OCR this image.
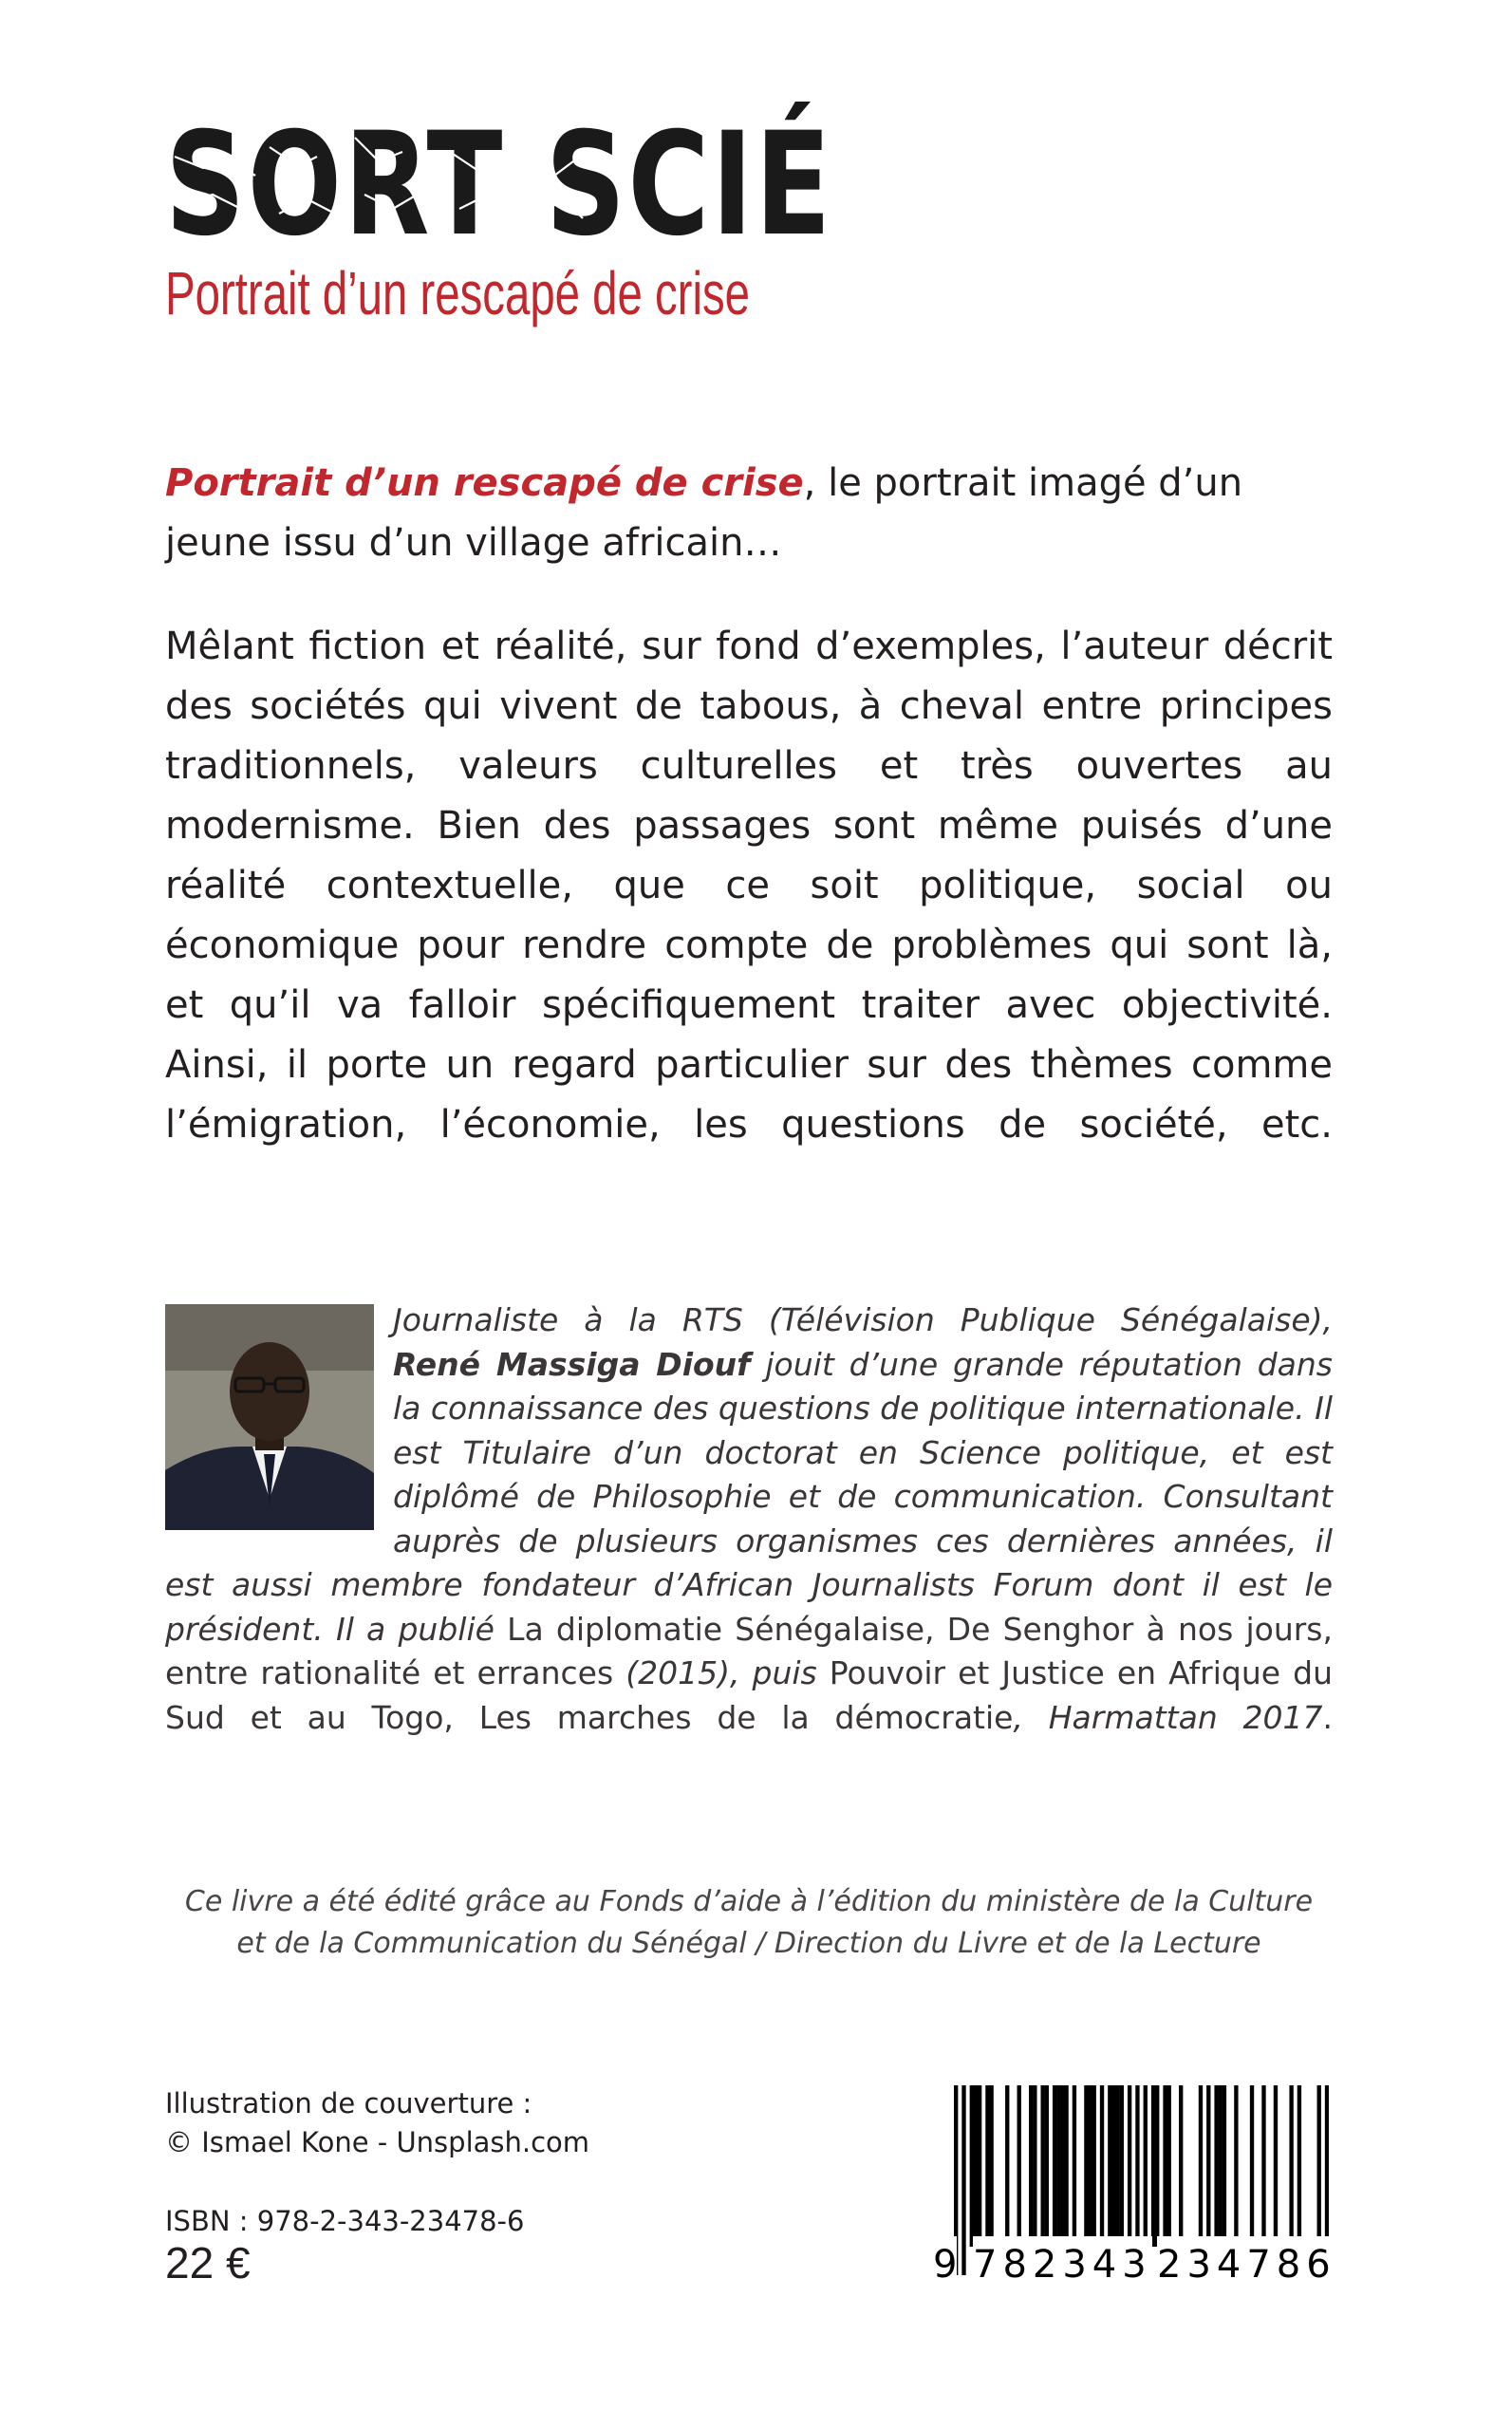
SORT SCIÉ
Portrait d’un rescapé de crise
Portrait d’un rescapé de crise, le portrait imagé d’un jeune issu d’un village africain…
Mêlant fiction et réalité, sur fond d’exemples, l’auteur décrit des sociétés qui vivent de tabous, à cheval entre principes traditionnels, valeurs culturelles et très ouvertes au modernisme. Bien des passages sont même puisés d’une réalité contextuelle, que ce soit politique, social ou économique pour rendre compte de problèmes qui sont là, et qu’il va falloir spécifiquement traiter avec objectivité. Ainsi, il porte un regard particulier sur des thèmes comme l’émigration, l’économie, les questions de société, etc.
Journaliste à la RTS (Télévision Publique Sénégalaise), René Massiga Diouf jouit d’une grande réputation dans la connaissance des questions de politique internationale. Il est Titulaire d’un doctorat en Science politique, et est diplômé de Philosophie et de communication. Consultant auprès de plusieurs organismes ces dernières années, il est aussi membre fondateur d’African Journalists Forum dont il est le président. Il a publié La diplomatie Sénégalaise, De Senghor à nos jours, entre rationalité et errances (2015), puis Pouvoir et Justice en Afrique du Sud et au Togo, Les marches de la démocratie, Harmattan 2017.
Ce livre a été édité grâce au Fonds d’aide à l’édition du ministère de la Culture
et de la Communication du Sénégal / Direction du Livre et de la Lecture
Illustration de couverture :
© Ismael Kone - Unsplash.com
ISBN : 978-2-343-23478-6
22 €	9 782343 234786
